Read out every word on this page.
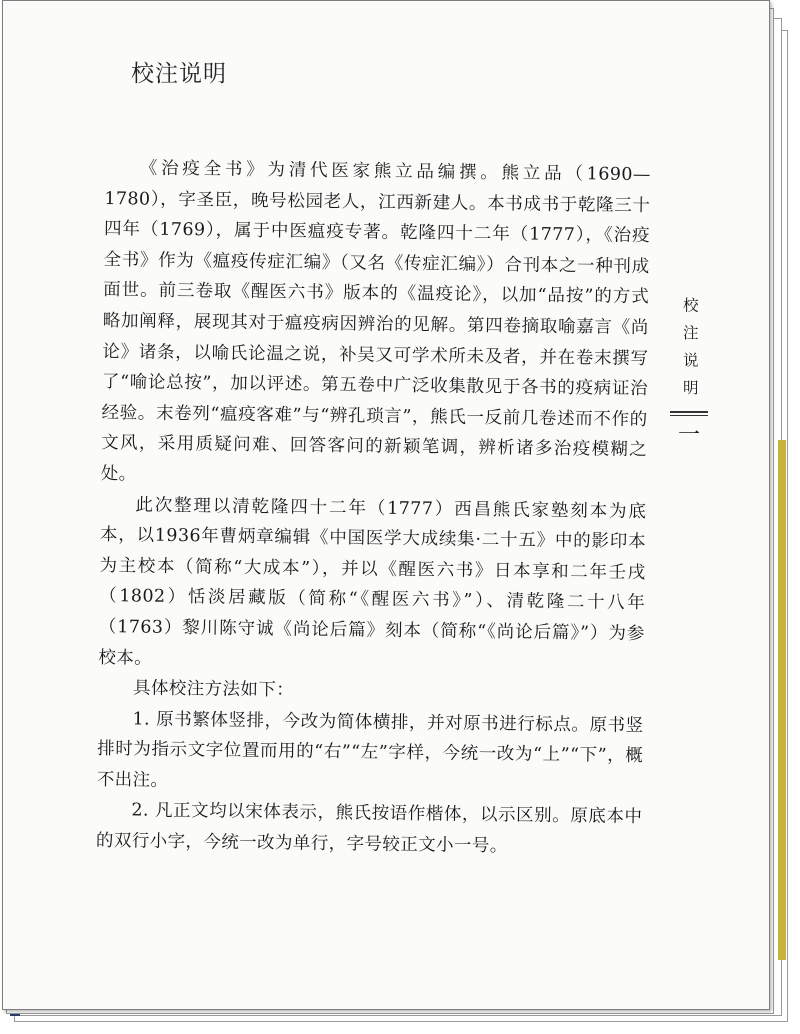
校注说明

《治疫全书》为清代医家熊立品编撰。熊立品（1690—1780），字圣臣，晚号松园老人，江西新建人。本书成书于乾隆三十四年（1769），属于中医瘟疫专著。乾隆四十二年（1777），《治疫全书》作为《瘟疫传症汇编》（又名《传症汇编》）合刊本之一种刊成面世。前三卷取《醒医六书》版本的《温疫论》，以加“品按”的方式略加阐释，展现其对于瘟疫病因辨治的见解。第四卷摘取喻嘉言《尚论》诸条，以喻氏论温之说，补吴又可学术所未及者，并在卷末撰写了“喻论总按”，加以评述。第五卷中广泛收集散见于各书的疫病证治经验。末卷列“瘟疫客难”与“辨孔琐言”，熊氏一反前几卷述而不作的文风，采用质疑问难、回答客问的新颖笔调，辨析诸多治疫模糊之处。

此次整理以清乾隆四十二年（1777）西昌熊氏家塾刻本为底本，以1936年曹炳章编辑《中国医学大成续集·二十五》中的影印本为主校本（简称“大成本”），并以《醒医六书》日本享和二年壬戌（1802）恬淡居藏版（简称“《醒医六书》”）、清乾隆二十八年（1763）黎川陈守诚《尚论后篇》刻本（简称“《尚论后篇》”）为参校本。

具体校注方法如下：

1. 原书繁体竖排，今改为简体横排，并对原书进行标点。原书竖排时为指示文字位置而用的“右”“左”字样，今统一改为“上”“下”，概不出注。

2. 凡正文均以宋体表示，熊氏按语作楷体，以示区别。原底本中的双行小字，今统一改为单行，字号较正文小一号。

校注说明
一
